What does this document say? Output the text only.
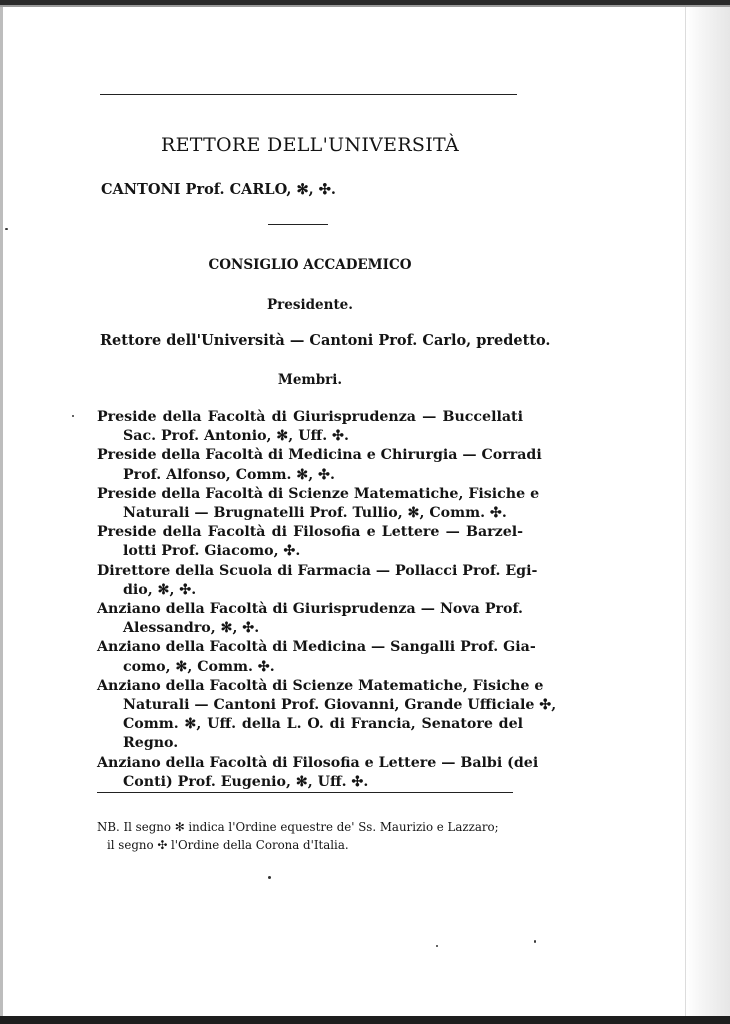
RETTORE DELL'UNIVERSITÀ
CANTONI Prof. CARLO, ✻, ✣.
CONSIGLIO ACCADEMICO
Presidente.
Rettore dell'Università — Cantoni Prof. Carlo, predetto.
Membri.
Preside della Facoltà di Giurisprudenza — Buccellati
Sac. Prof. Antonio, ✻, Uff. ✣.
Preside della Facoltà di Medicina e Chirurgia — Corradi
Prof. Alfonso, Comm. ✻, ✣.
Preside della Facoltà di Scienze Matematiche, Fisiche e
Naturali — Brugnatelli Prof. Tullio, ✻, Comm. ✣.
Preside della Facoltà di Filosofia e Lettere — Barzel-
lotti Prof. Giacomo, ✣.
Direttore della Scuola di Farmacia — Pollacci Prof. Egi-
dio, ✻, ✣.
Anziano della Facoltà di Giurisprudenza — Nova Prof.
Alessandro, ✻, ✣.
Anziano della Facoltà di Medicina — Sangalli Prof. Gia-
como, ✻, Comm. ✣.
Anziano della Facoltà di Scienze Matematiche, Fisiche e
Naturali — Cantoni Prof. Giovanni, Grande Ufficiale ✣,
Comm. ✻, Uff. della L. O. di Francia, Senatore del
Regno.
Anziano della Facoltà di Filosofia e Lettere — Balbi (dei
Conti) Prof. Eugenio, ✻, Uff. ✣.
NB. Il segno ✻ indica l'Ordine equestre de' Ss. Maurizio e Lazzaro;
il segno ✣ l'Ordine della Corona d'Italia.
